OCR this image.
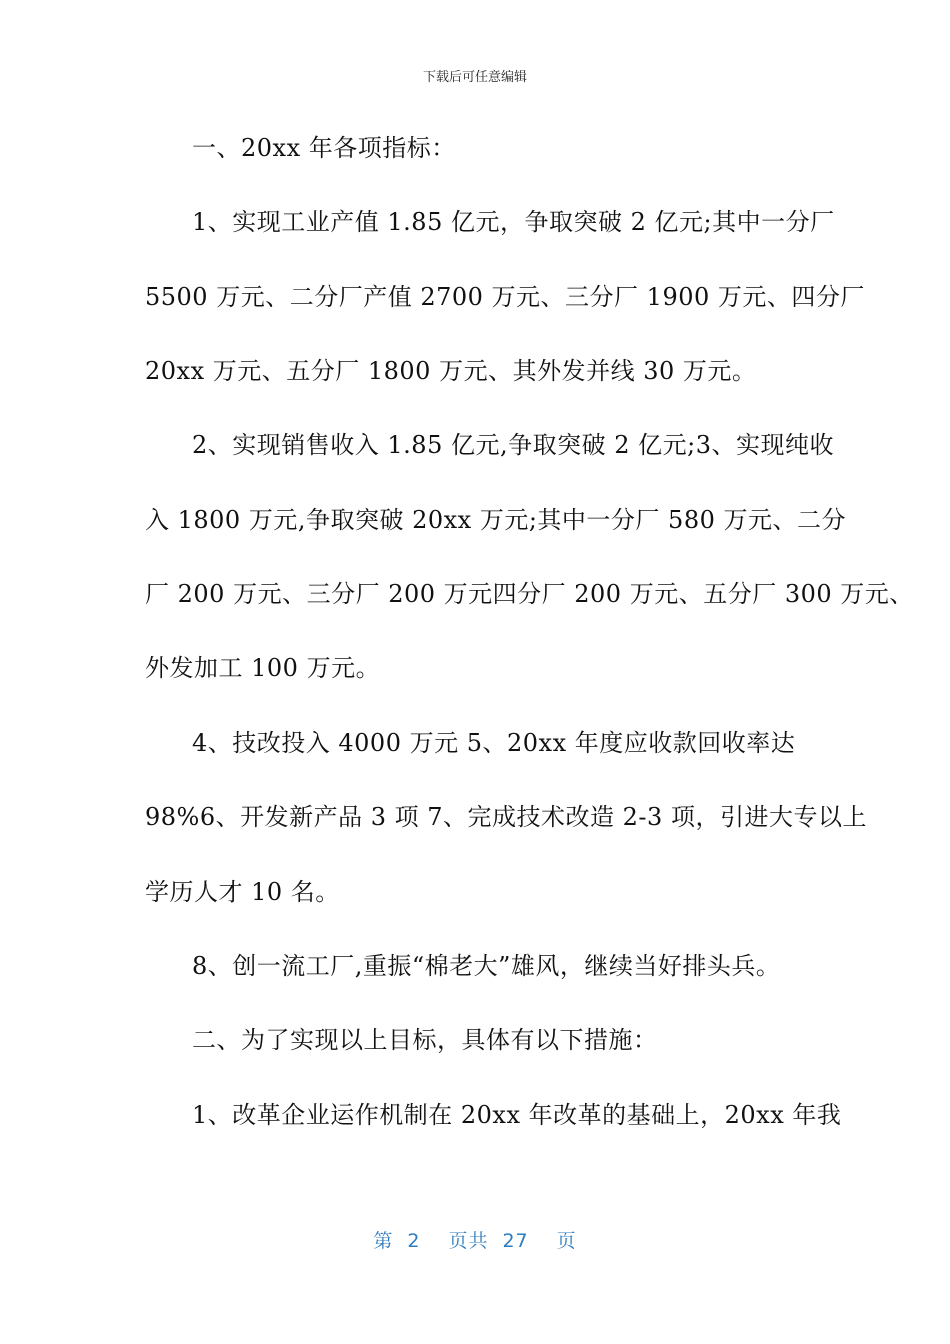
下载后可任意编辑
一、20xx 年各项指标：
1、实现工业产值 1.85 亿元，争取突破 2 亿元;其中一分厂
5500 万元、二分厂产值 2700 万元、三分厂 1900 万元、四分厂
20xx 万元、五分厂 1800 万元、其外发并线 30 万元。
2、实现销售收入 1.85 亿元,争取突破 2 亿元;3、实现纯收
入 1800 万元,争取突破 20xx 万元;其中一分厂 580 万元、二分
厂 200 万元、三分厂 200 万元四分厂 200 万元、五分厂 300 万元、
外发加工 100 万元。
4、技改投入 4000 万元 5、20xx 年度应收款回收率达
98%6、开发新产品 3 项 7、完成技术改造 2-3 项，引进大专以上
学历人才 10 名。
8、创一流工厂,重振“棉老大”雄风，继续当好排头兵。
二、为了实现以上目标，具体有以下措施：
1、改革企业运作机制在 20xx 年改革的基础上，20xx 年我
第 2 页共 27 页
